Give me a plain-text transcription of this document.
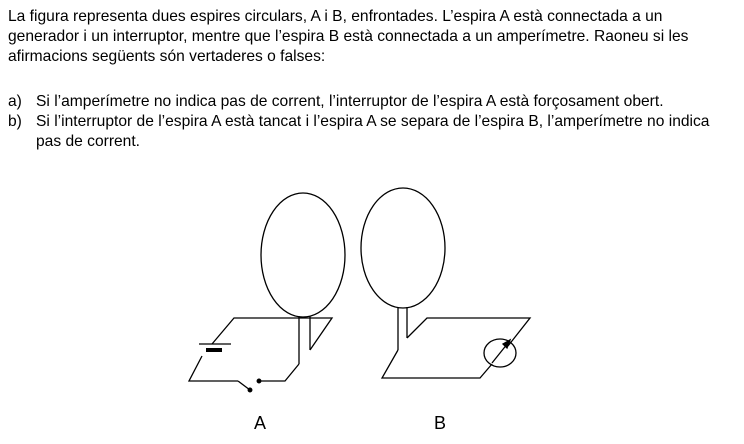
La figura representa dues espires circulars, A i B, enfrontades. L’espira A està connectada a un generador i un interruptor, mentre que l’espira B està connectada a un amperímetre. Raoneu si les afirmacions següents són vertaderes o falses:

a) Si l’amperímetre no indica pas de corrent, l’interruptor de l’espira A està forçosament obert.
b) Si l’interruptor de l’espira A està tancat i l’espira A se separa de l’espira B, l’amperímetre no indica pas de corrent.
A	B
